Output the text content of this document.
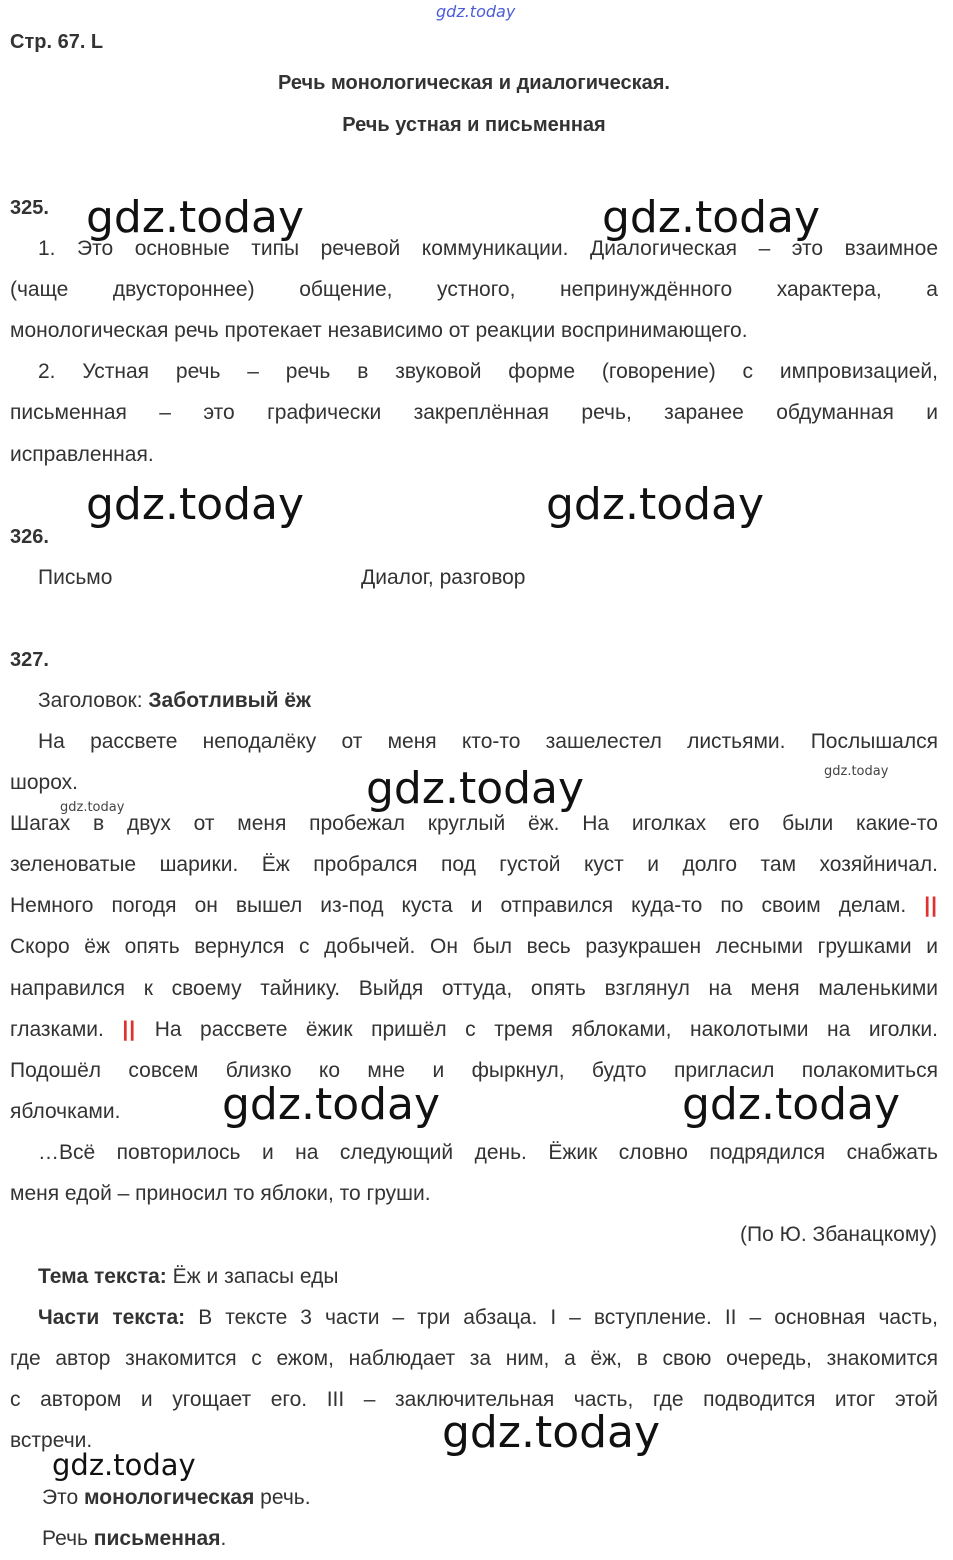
gdz.today
gdz.today	gdz.today
gdz.today	gdz.today
gdz.today	gdz.today
gdz.today
gdz.today	gdz.today
gdz.today
gdz.today
Стр. 67. L
Речь монологическая и диалогическая.
Речь устная и письменная
325.
1. Это основные типы речевой коммуникации. Диалогическая – это взаимное
(чаще двустороннее) общение, устного, непринуждённого характера, а
монологическая речь протекает независимо от реакции воспринимающего.
2. Устная речь – речь в звуковой форме (говорение) с импровизацией,
письменная – это графически закреплённая речь, заранее обдуманная и
исправленная.
326.
Письмо	Диалог, разговор
327.
Заголовок: Заботливый ёж
На рассвете неподалёку от меня кто-то зашелестел листьями. Послышался
шорох.
Шагах в двух от меня пробежал круглый ёж. На иголках его были какие-то
зеленоватые шарики. Ёж пробрался под густой куст и долго там хозяйничал.
Немного погодя он вышел из-под куста и отправился куда-то по своим делам. ||
Скоро ёж опять вернулся с добычей. Он был весь разукрашен лесными грушками и
направился к своему тайнику. Выйдя оттуда, опять взглянул на меня маленькими
глазками. || На рассвете ёжик пришёл с тремя яблоками, наколотыми на иголки.
Подошёл совсем близко ко мне и фыркнул, будто пригласил полакомиться
яблочками.
…Всё повторилось и на следующий день. Ёжик словно подрядился снабжать
меня едой – приносил то яблоки, то груши.
(По Ю. Збанацкому)
Тема текста: Ёж и запасы еды
Части текста: В тексте 3 части – три абзаца. I – вступление. II – основная часть,
где автор знакомится с ежом, наблюдает за ним, а ёж, в свою очередь, знакомится
с автором и угощает его. III – заключительная часть, где подводится итог этой
встречи.
Это монологическая речь.
Речь письменная.
